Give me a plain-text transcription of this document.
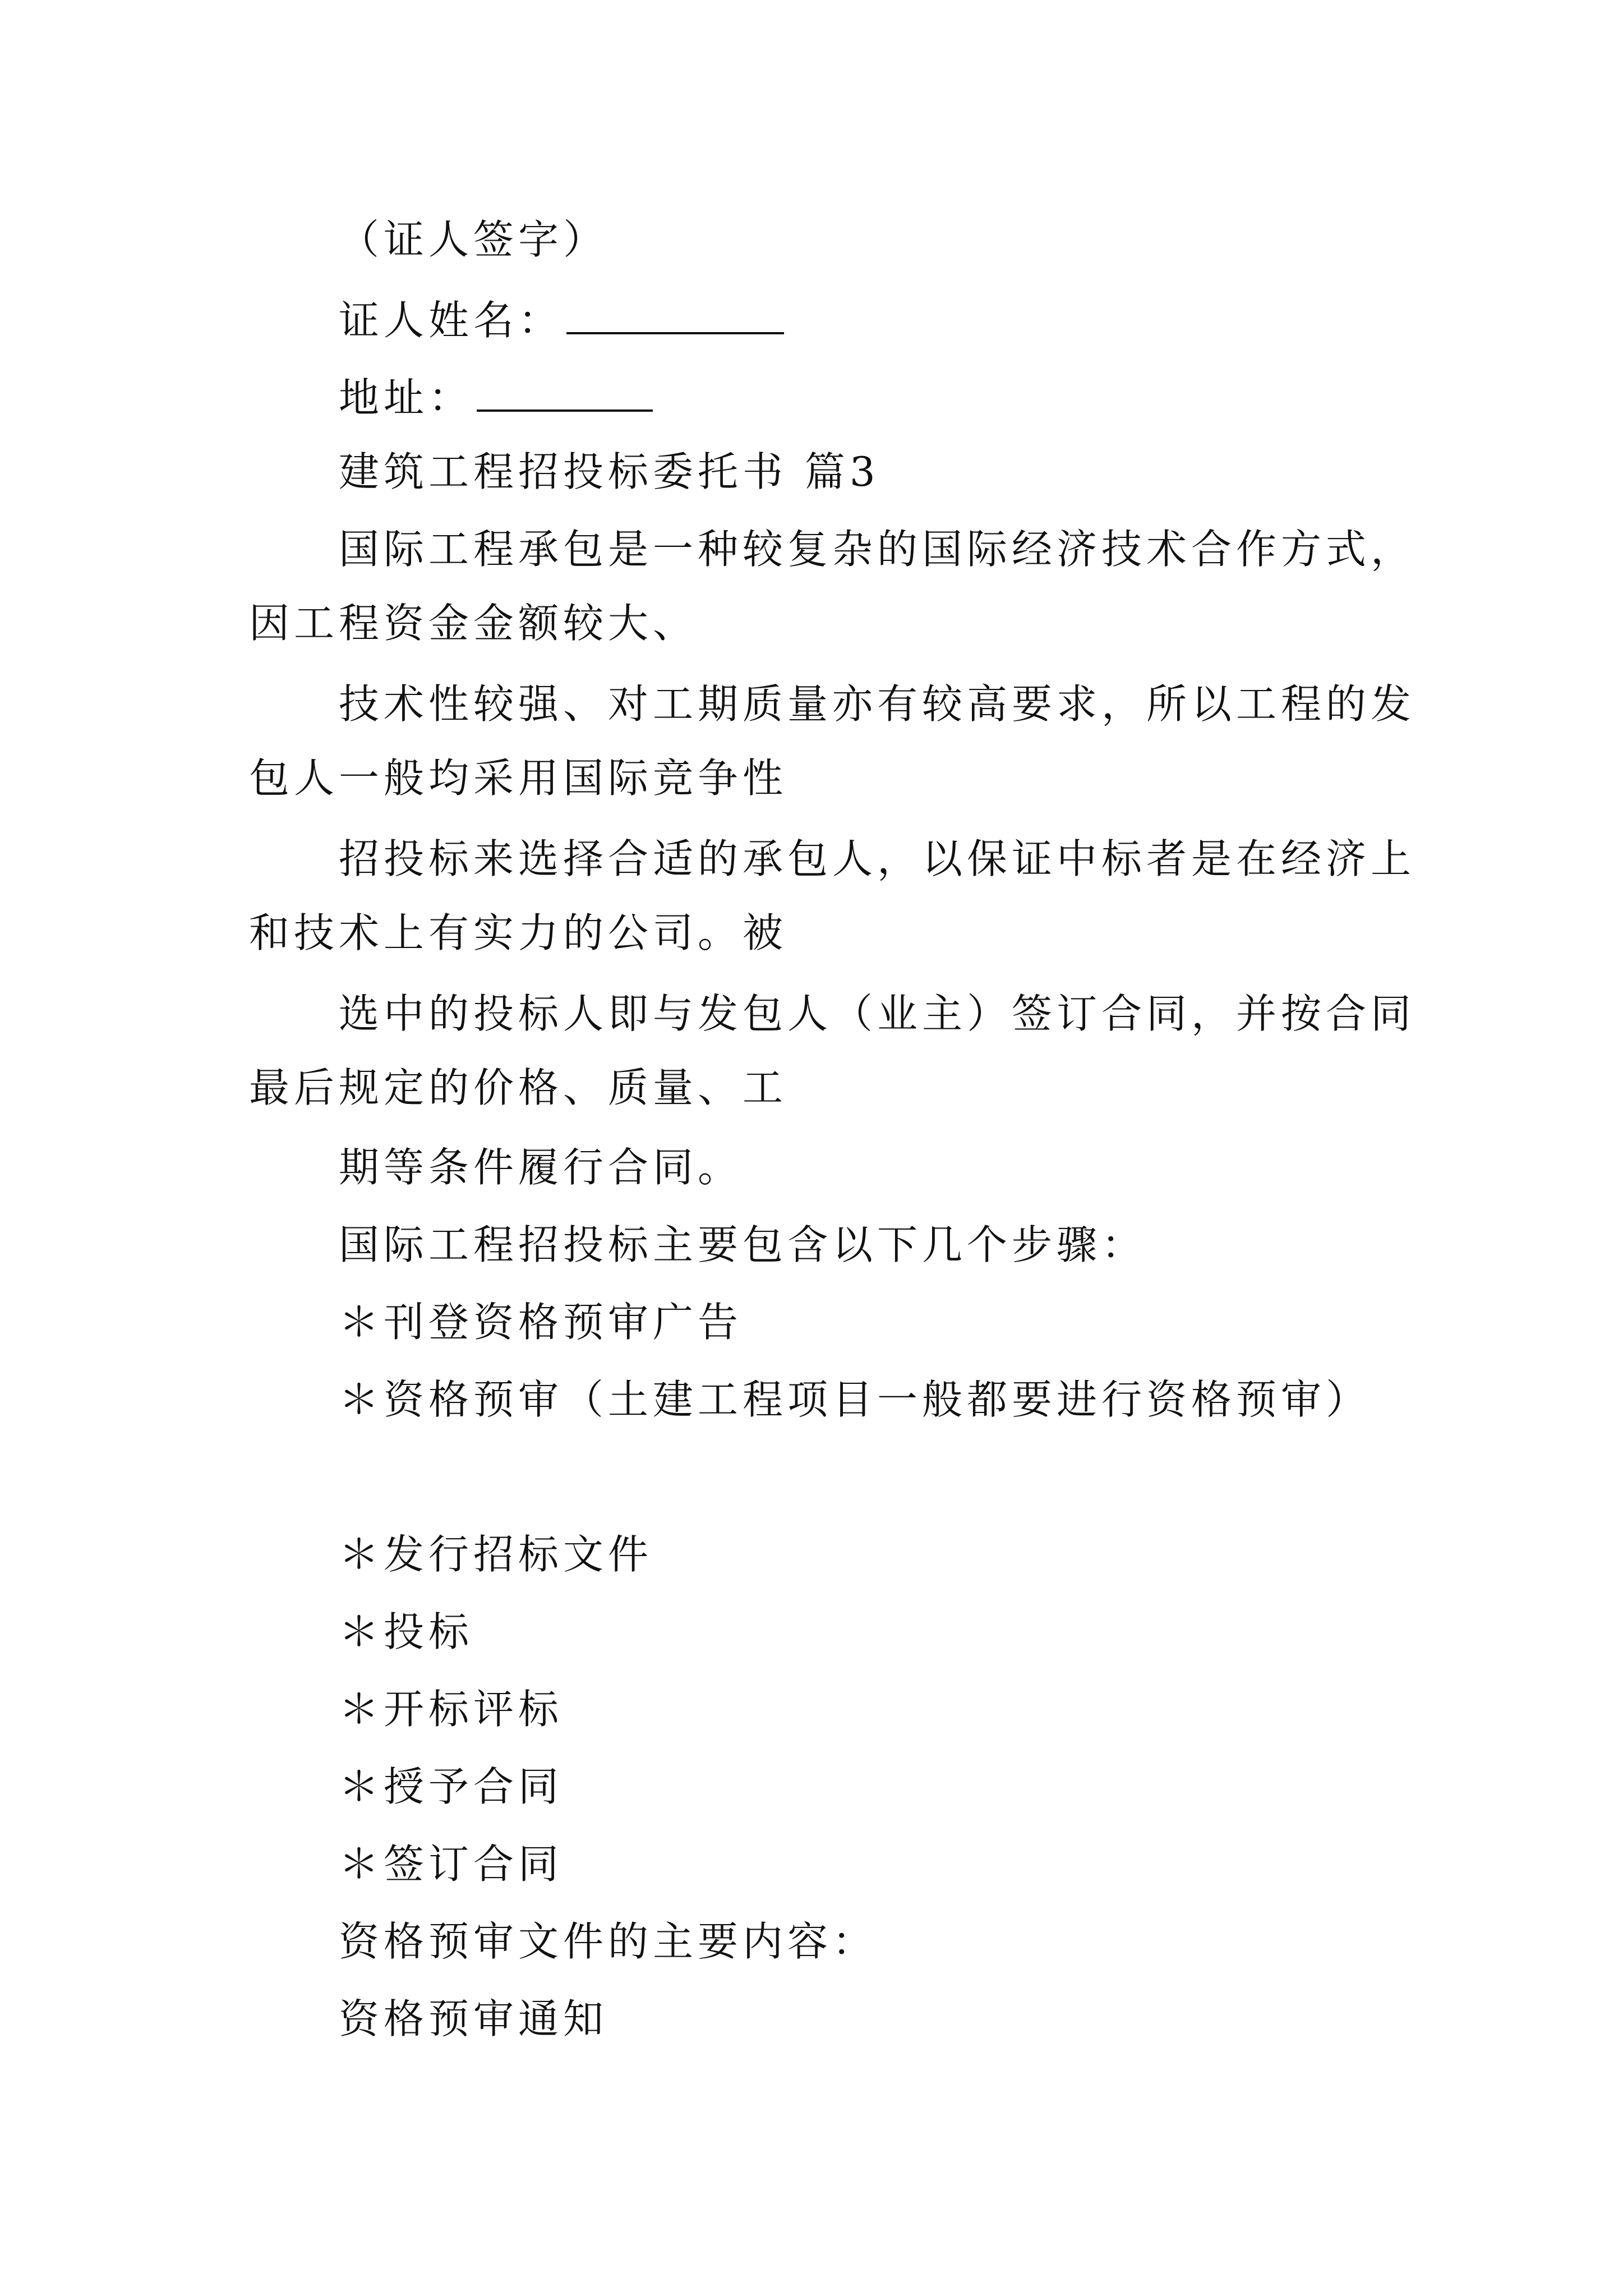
（证人签字）
证人姓名：
地址：
建筑工程招投标委托书 篇3
国际工程承包是一种较复杂的国际经济技术合作方式，
因工程资金金额较大、
技术性较强、对工期质量亦有较高要求，所以工程的发
包人一般均采用国际竞争性
招投标来选择合适的承包人，以保证中标者是在经济上
和技术上有实力的公司。被
选中的投标人即与发包人（业主）签订合同，并按合同
最后规定的价格、质量、工
期等条件履行合同。
国际工程招投标主要包含以下几个步骤：
＊刊登资格预审广告
＊资格预审（土建工程项目一般都要进行资格预审）
＊发行招标文件
＊投标
＊开标评标
＊授予合同
＊签订合同
资格预审文件的主要内容：
资格预审通知
